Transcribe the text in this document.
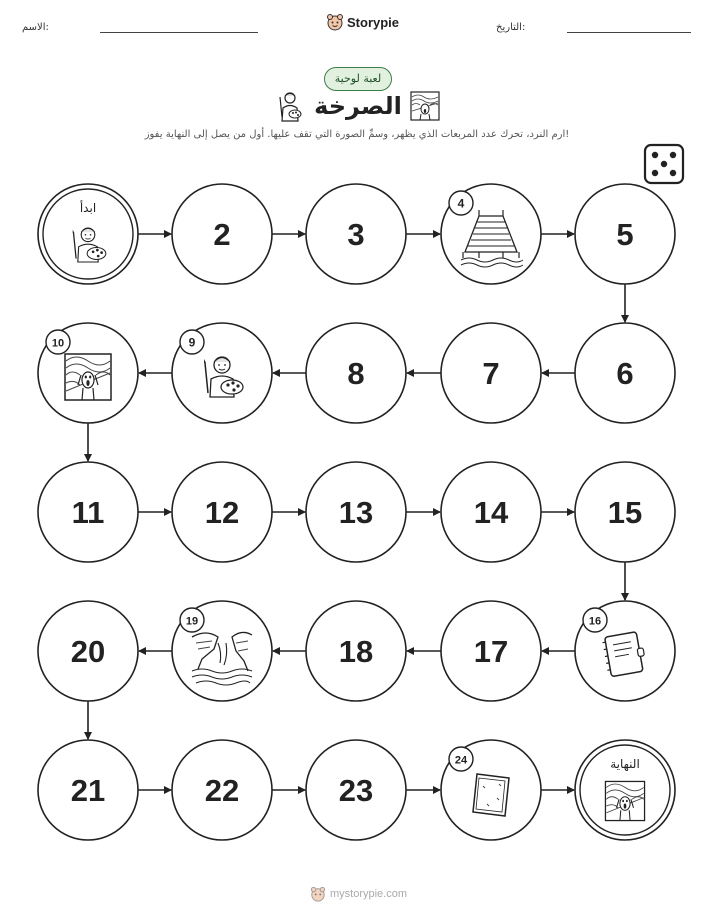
الاسم:	Storypie	التاريخ:
لعبة لوحية
الصرخة
ارم النرد، تحرك عدد المربعات الذي يظهر، وسمِّ الصورة التي تقف عليها. أول من يصل إلى النهاية يفوز!
ابدأ
2	3
4
5
6
7
8
9
10
11	12	13	14	15
16
17
18
19
20
21	22	23
24	النهاية
mystorypie.com
